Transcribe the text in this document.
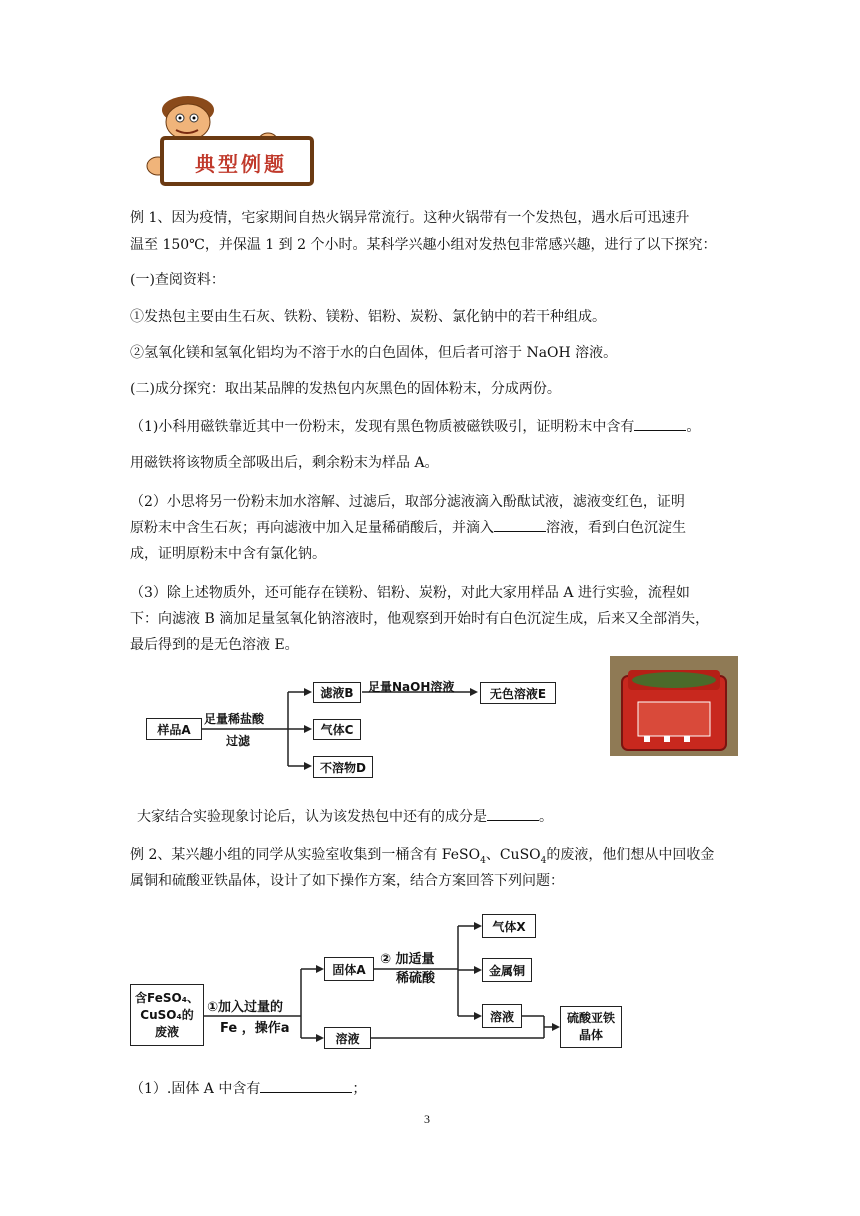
典型例题

例 1、因为疫情，宅家期间自热火锅异常流行。这种火锅带有一个发热包，遇水后可迅速升

温至 150℃，并保温 1 到 2 个小时。某科学兴趣小组对发热包非常感兴趣，进行了以下探究：

(一)查阅资料：

①发热包主要由生石灰、铁粉、镁粉、铝粉、炭粉、氯化钠中的若干种组成。

②氢氧化镁和氢氧化铝均为不溶于水的白色固体，但后者可溶于 NaOH 溶液。

(二)成分探究：取出某品牌的发热包内灰黑色的固体粉末，分成两份。

（1)小科用磁铁靠近其中一份粉末，发现有黑色物质被磁铁吸引，证明粉末中含有	。

用磁铁将该物质全部吸出后，剩余粉末为样品 A。

（2）小思将另一份粉末加水溶解、过滤后，取部分滤液滴入酚酞试液，滤液变红色，证明

原粉末中含生石灰；再向滤液中加入足量稀硝酸后，并滴入	溶液，看到白色沉淀生

成，证明原粉末中含有氯化钠。

（3）除上述物质外，还可能存在镁粉、铝粉、炭粉，对此大家用样品 A 进行实验，流程如

下：向滤液 B 滴加足量氢氧化钠溶液时，他观察到开始时有白色沉淀生成，后来又全部消失，

最后得到的是无色溶液 E。

样品A
足量稀盐酸
过滤
滤液B	足量NaOH溶液	无色溶液E
气体C
不溶物D

大家结合实验现象讨论后，认为该发热包中还有的成分是	。

例 2、某兴趣小组的同学从实验室收集到一桶含有 FeSO$_4$、CuSO$_4$的废液，他们想从中回收金

属铜和硫酸亚铁晶体，设计了如下操作方案，结合方案回答下列问题：

含FeSO₄、
CuSO₄的
废液
①加入过量的
Fe ，操作a
固体A
② 加适量
稀硫酸
气体X
金属铜
溶液
溶液
硫酸亚铁
晶体

（1）.固体 A 中含有	；

3
